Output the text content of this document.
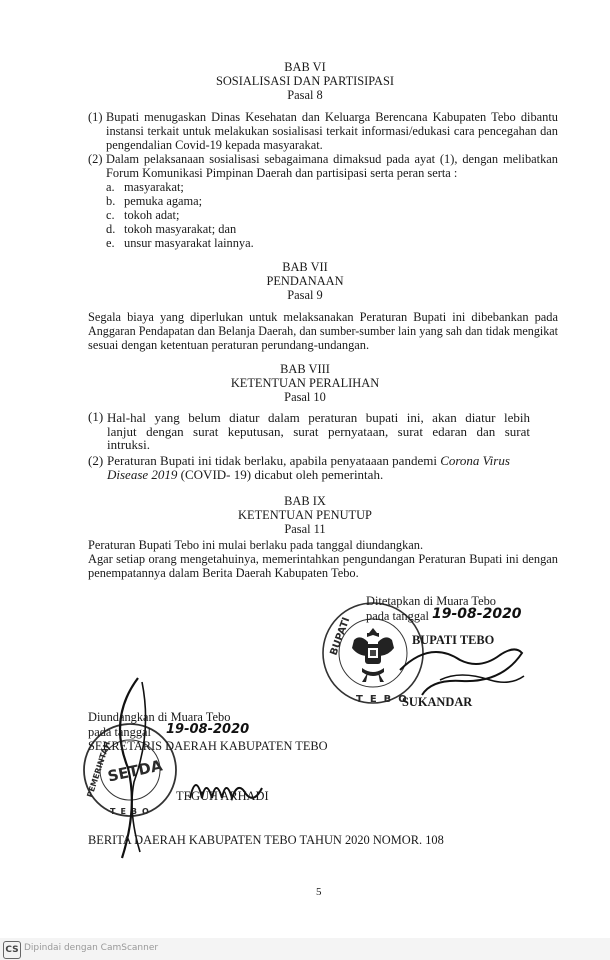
BAB VI
SOSIALISASI DAN PARTISIPASI
Pasal 8
(1) Bupati menugaskan Dinas Kesehatan dan Keluarga Berencana Kabupaten Tebo dibantu
instansi terkait untuk melakukan sosialisasi terkait informasi/edukasi cara pencegahan dan
pengendalian Covid-19 kepada masyarakat.
(2) Dalam pelaksanaan sosialisasi sebagaimana dimaksud pada ayat (1), dengan melibatkan
Forum Komunikasi Pimpinan Daerah dan partisipasi serta peran serta :
a. masyarakat;
b. pemuka agama;
c. tokoh adat;
d. tokoh masyarakat; dan
e. unsur masyarakat lainnya.
BAB VII
PENDANAAN
Pasal 9
Segala biaya yang diperlukan untuk melaksanakan Peraturan Bupati ini dibebankan pada
Anggaran Pendapatan dan Belanja Daerah, dan sumber-sumber lain yang sah dan tidak mengikat
sesuai dengan ketentuan peraturan perundang-undangan.
BAB VIII
KETENTUAN PERALIHAN
Pasal 10
(1) Hal-hal yang belum diatur dalam peraturan bupati ini, akan diatur lebih
lanjut dengan surat keputusan, surat pernyataan, surat edaran dan surat
intruksi.
(2) Peraturan Bupati ini tidak berlaku, apabila penyataaan pandemi Corona Virus
Disease 2019 (COVID- 19) dicabut oleh pemerintah.
BAB IX
KETENTUAN PENUTUP
Pasal 11
Peraturan Bupati Tebo ini mulai berlaku pada tanggal diundangkan.
Agar setiap orang mengetahuinya, memerintahkan pengundangan Peraturan Bupati ini dengan
penempatannya dalam Berita Daerah Kabupaten Tebo.
BUPATI
TEBO
Ditetapkan di Muara Tebo
pada tanggal 19-08-2020
BUPATI TEBO
SUKANDAR
PEMERINTAH
TEBO
SETDA
Diundangkan di Muara Tebo
pada tanggal 19-08-2020
SEKRETARIS DAERAH KABUPATEN TEBO
TEGUH ARHADI
BERITA DAERAH KABUPATEN TEBO TAHUN 2020 NOMOR. 108
5
CS Dipindai dengan CamScanner
